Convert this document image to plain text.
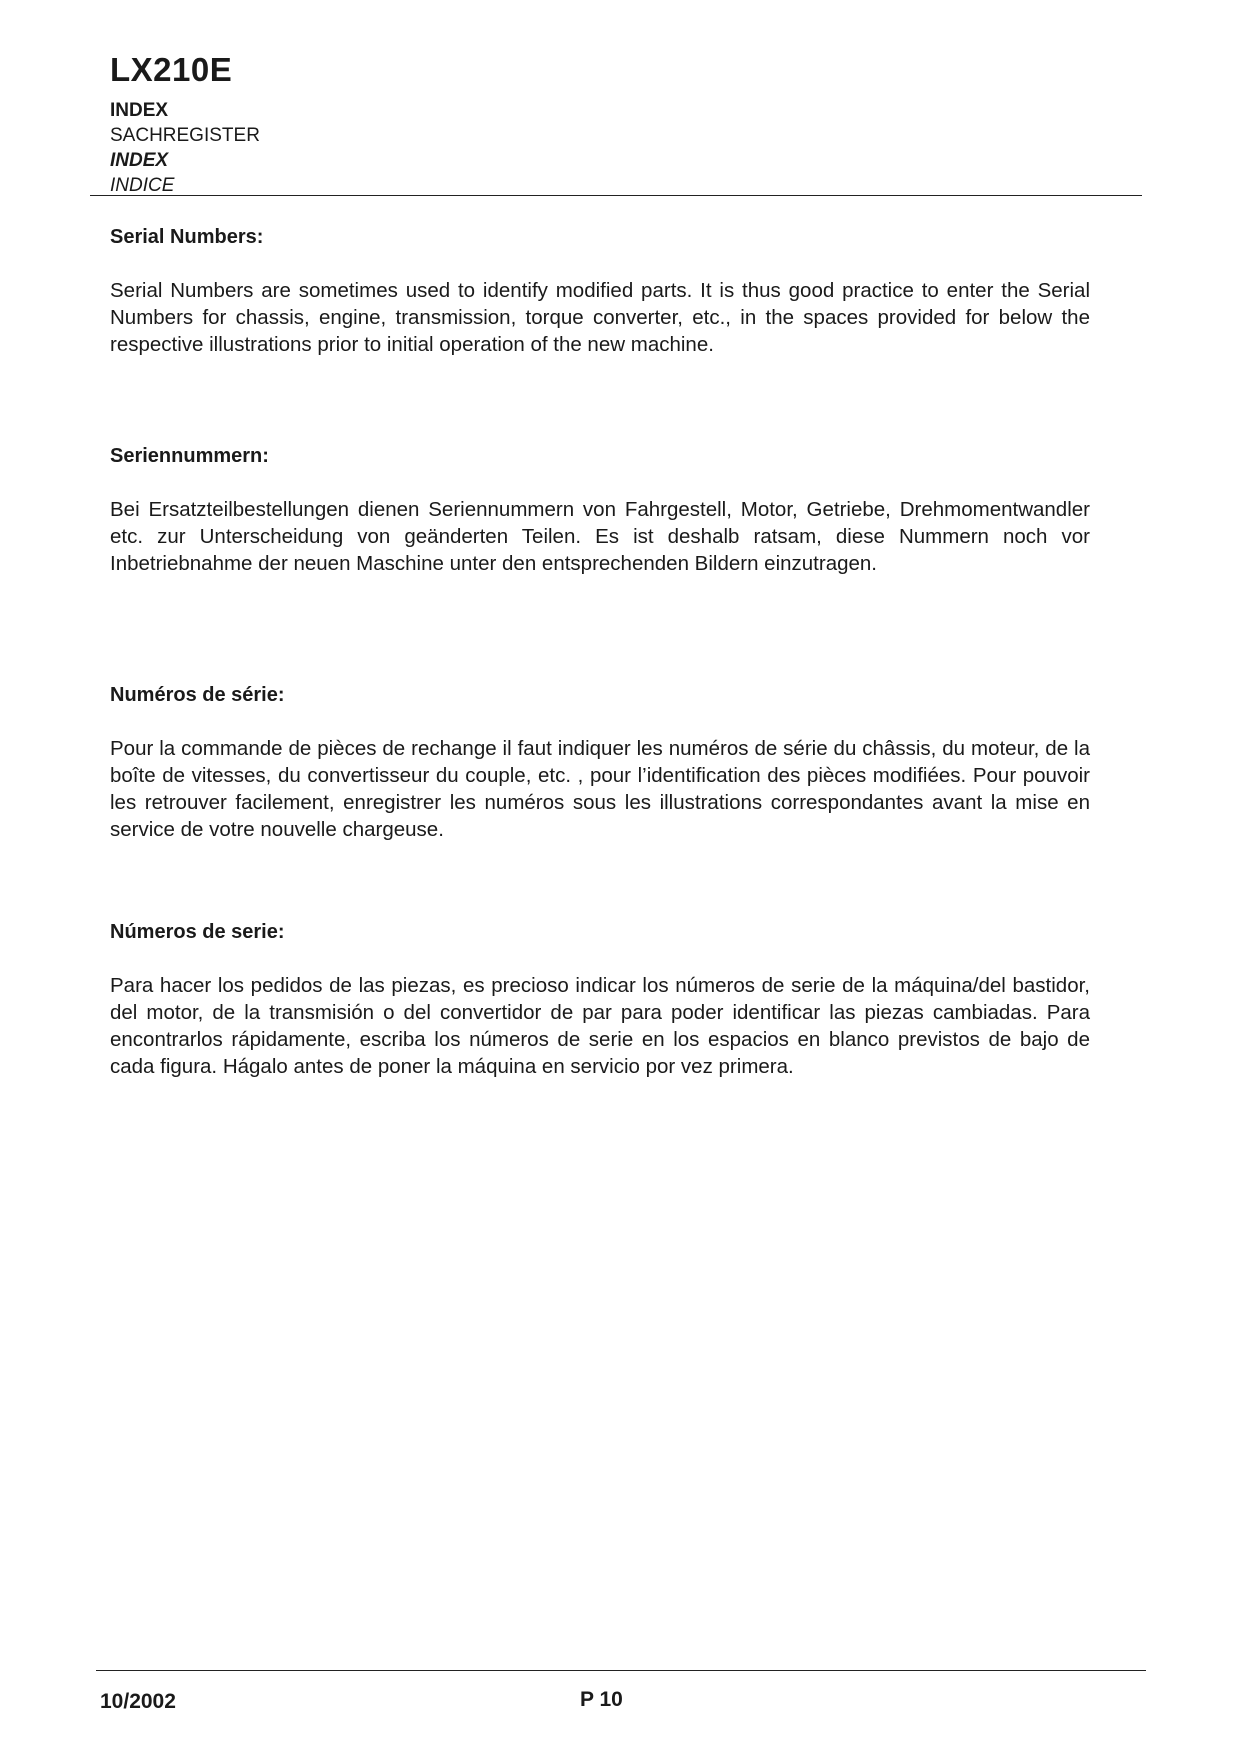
LX210E
INDEX
SACHREGISTER
INDEX
INDICE
Serial Numbers:

Serial Numbers are sometimes used to identify modified parts. It is thus good practice to enter the Serial Numbers for chassis, engine, transmission, torque converter, etc., in the spaces provided for below the respective illustrations prior to initial operation of the new machine.

Seriennummern:

Bei Ersatzteilbestellungen dienen Seriennummern von Fahrgestell, Motor, Getriebe, Drehmomentwandler etc. zur Unterscheidung von geänderten Teilen. Es ist deshalb ratsam, diese Nummern noch vor Inbetriebnahme der neuen Maschine unter den entsprechenden Bildern einzutragen.

Numéros de série:

Pour la commande de pièces de rechange il faut indiquer les numéros de série du châssis, du moteur, de la boîte de vitesses, du convertisseur du couple, etc. , pour l’identification des pièces modifiées. Pour pouvoir les retrouver facilement, enregistrer les numéros sous les illustrations correspondantes avant la mise en service de votre nouvelle chargeuse.

Números de serie:

Para hacer los pedidos de las piezas, es precioso indicar los números de serie de la máquina/del bastidor, del motor, de la transmisión o del convertidor de par para poder identificar las piezas cambiadas. Para encontrarlos rápidamente, escriba los números de serie en los espacios en blanco previstos de bajo de cada figura. Hágalo antes de poner la máquina en servicio por vez primera.

10/2002	P 10
